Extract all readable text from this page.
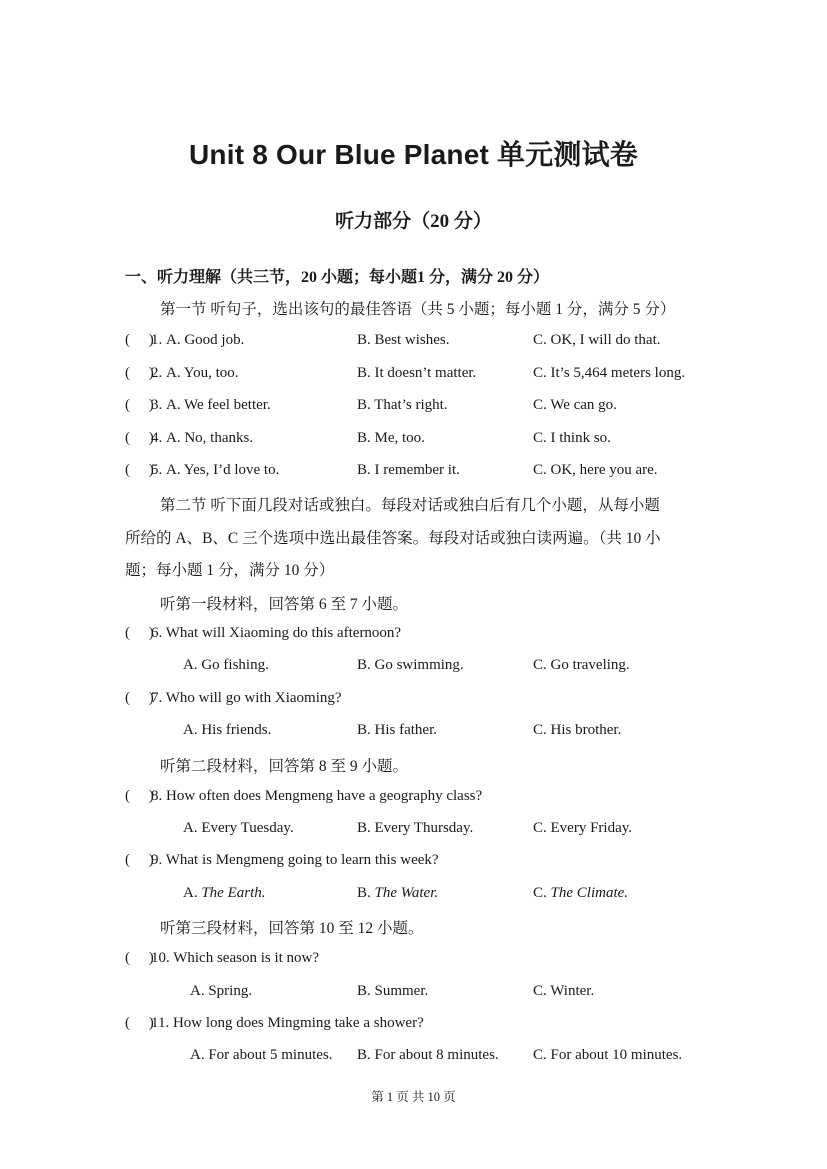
Unit 8 Our Blue Planet 单元测试卷
听力部分（20 分）
一、听力理解（共三节，20 小题；每小题1 分，满分 20 分）
第一节 听句子，选出该句的最佳答语（共 5 小题；每小题 1 分，满分 5 分）
(     )1. A. Good job.	B. Best wishes.	C. OK, I will do that.
(     )2. A. You, too.	B. It doesn’t matter.	C. It’s 5,464 meters long.
(     )3. A. We feel better.	B. That’s right.	C. We can go.
(     )4. A. No, thanks.	B. Me, too.	C. I think so.
(     )5. A. Yes, I’d love to.	B. I remember it.	C. OK, here you are.
第二节 听下面几段对话或独白。每段对话或独白后有几个小题，从每小题
所给的 A、B、C 三个选项中选出最佳答案。每段对话或独白读两遍。（共 10 小
题；每小题 1 分，满分 10 分）
听第一段材料，回答第 6 至 7 小题。
(     )6. What will Xiaoming do this afternoon?
A. Go fishing.	B. Go swimming.	C. Go traveling.
(     )7. Who will go with Xiaoming?
A. His friends.	B. His father.	C. His brother.
听第二段材料，回答第 8 至 9 小题。
(     )8. How often does Mengmeng have a geography class?
A. Every Tuesday.	B. Every Thursday.	C. Every Friday.
(     )9. What is Mengmeng going to learn this week?
A. The Earth.	B. The Water.	C. The Climate.
听第三段材料，回答第 10 至 12 小题。
(     )10. Which season is it now?
A. Spring.	B. Summer.	C. Winter.
(     )11. How long does Mingming take a shower?
A. For about 5 minutes. B. For about 8 minutes. C. For about 10 minutes.
第 1 页 共 10 页
